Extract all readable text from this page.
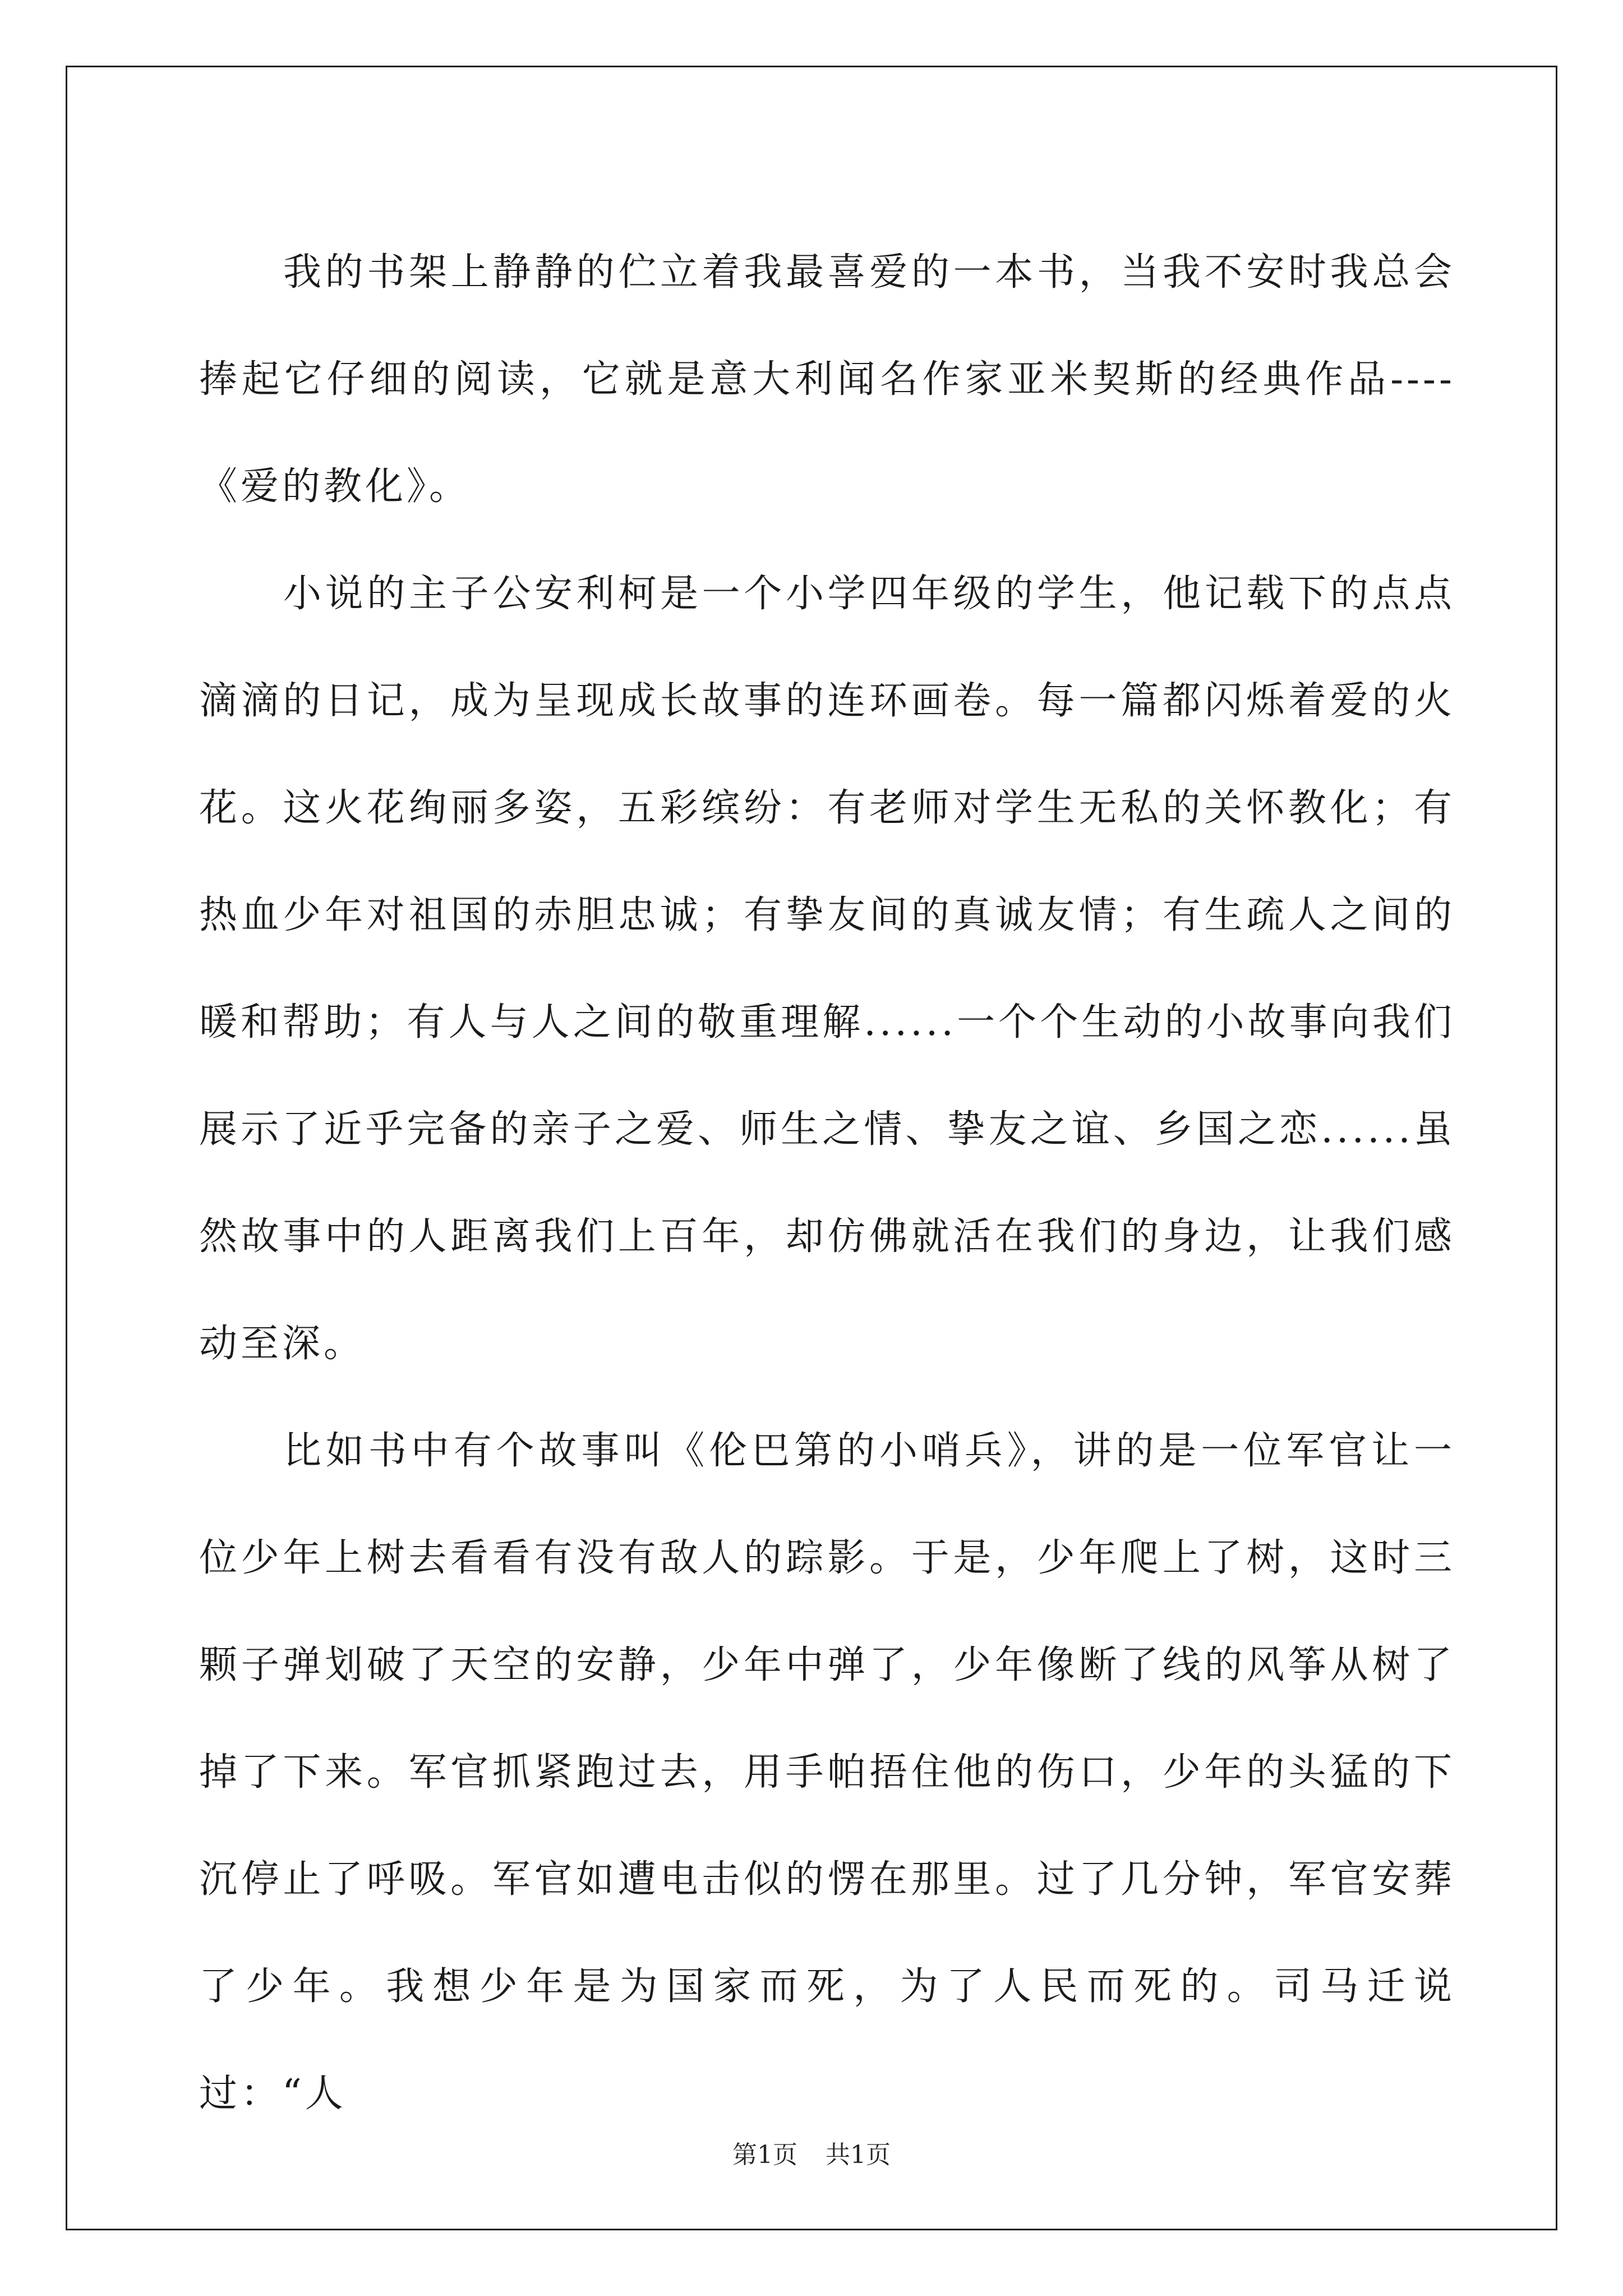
我的书架上静静的伫立着我最喜爱的一本书，当我不安时我总会捧起它仔细的阅读，它就是意大利闻名作家亚米契斯的经典作品----《爱的教化》。

小说的主子公安利柯是一个小学四年级的学生，他记载下的点点滴滴的日记，成为呈现成长故事的连环画卷。每一篇都闪烁着爱的火花。这火花绚丽多姿，五彩缤纷：有老师对学生无私的关怀教化；有热血少年对祖国的赤胆忠诚；有挚友间的真诚友情；有生疏人之间的暖和帮助；有人与人之间的敬重理解......一个个生动的小故事向我们展示了近乎完备的亲子之爱、师生之情、挚友之谊、乡国之恋......虽然故事中的人距离我们上百年，却仿佛就活在我们的身边，让我们感动至深。

比如书中有个故事叫《伦巴第的小哨兵》，讲的是一位军官让一位少年上树去看看有没有敌人的踪影。于是，少年爬上了树，这时三颗子弹划破了天空的安静，少年中弹了，少年像断了线的风筝从树了掉了下来。军官抓紧跑过去，用手帕捂住他的伤口，少年的头猛的下沉停止了呼吸。军官如遭电击似的愣在那里。过了几分钟，军官安葬了少年。我想少年是为国家而死，为了人民而死的。司马迁说过：“人

第1页 共1页
